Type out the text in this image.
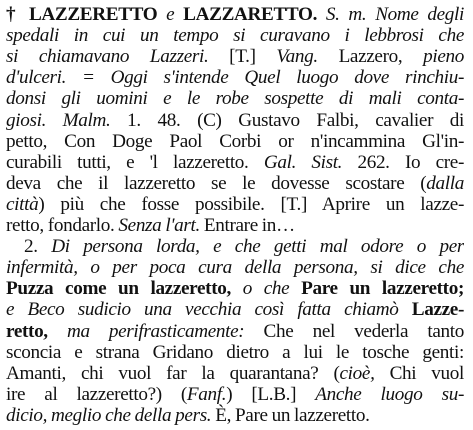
† LAZZERETTO e LAZZARETTO. S. m. Nome degli
spedali in cui un tempo si curavano i lebbrosi che
si chiamavano Lazzeri. [T.] Vang. Lazzero, pieno
d'ulceri. = Oggi s'intende Quel luogo dove rinchiu-
donsi gli uomini e le robe sospette di mali conta-
giosi. Malm. 1. 48. (C) Gustavo Falbi, cavalier di
petto, Con Doge Paol Corbi or n'incammina Gl'in-
curabili tutti, e 'l lazzeretto. Gal. Sist. 262. Io cre-
deva che il lazzeretto se le dovesse scostare (dalla
città) più che fosse possibile. [T.] Aprire un lazze-
retto, fondarlo. Senza l'art. Entrare in…
2. Di persona lorda, e che getti mal odore o per
infermità, o per poca cura della persona, si dice che
Puzza come un lazzeretto, o che Pare un lazzeretto;
e Beco sudicio una vecchia così fatta chiamò Lazze-
retto, ma perifrasticamente: Che nel vederla tanto
sconcia e strana Gridano dietro a lui le tosche genti:
Amanti, chi vuol far la quarantana? (cioè, Chi vuol
ire al lazzeretto?) (Fanf.) [L.B.] Anche luogo su-
dicio, meglio che della pers. È, Pare un lazzeretto.
